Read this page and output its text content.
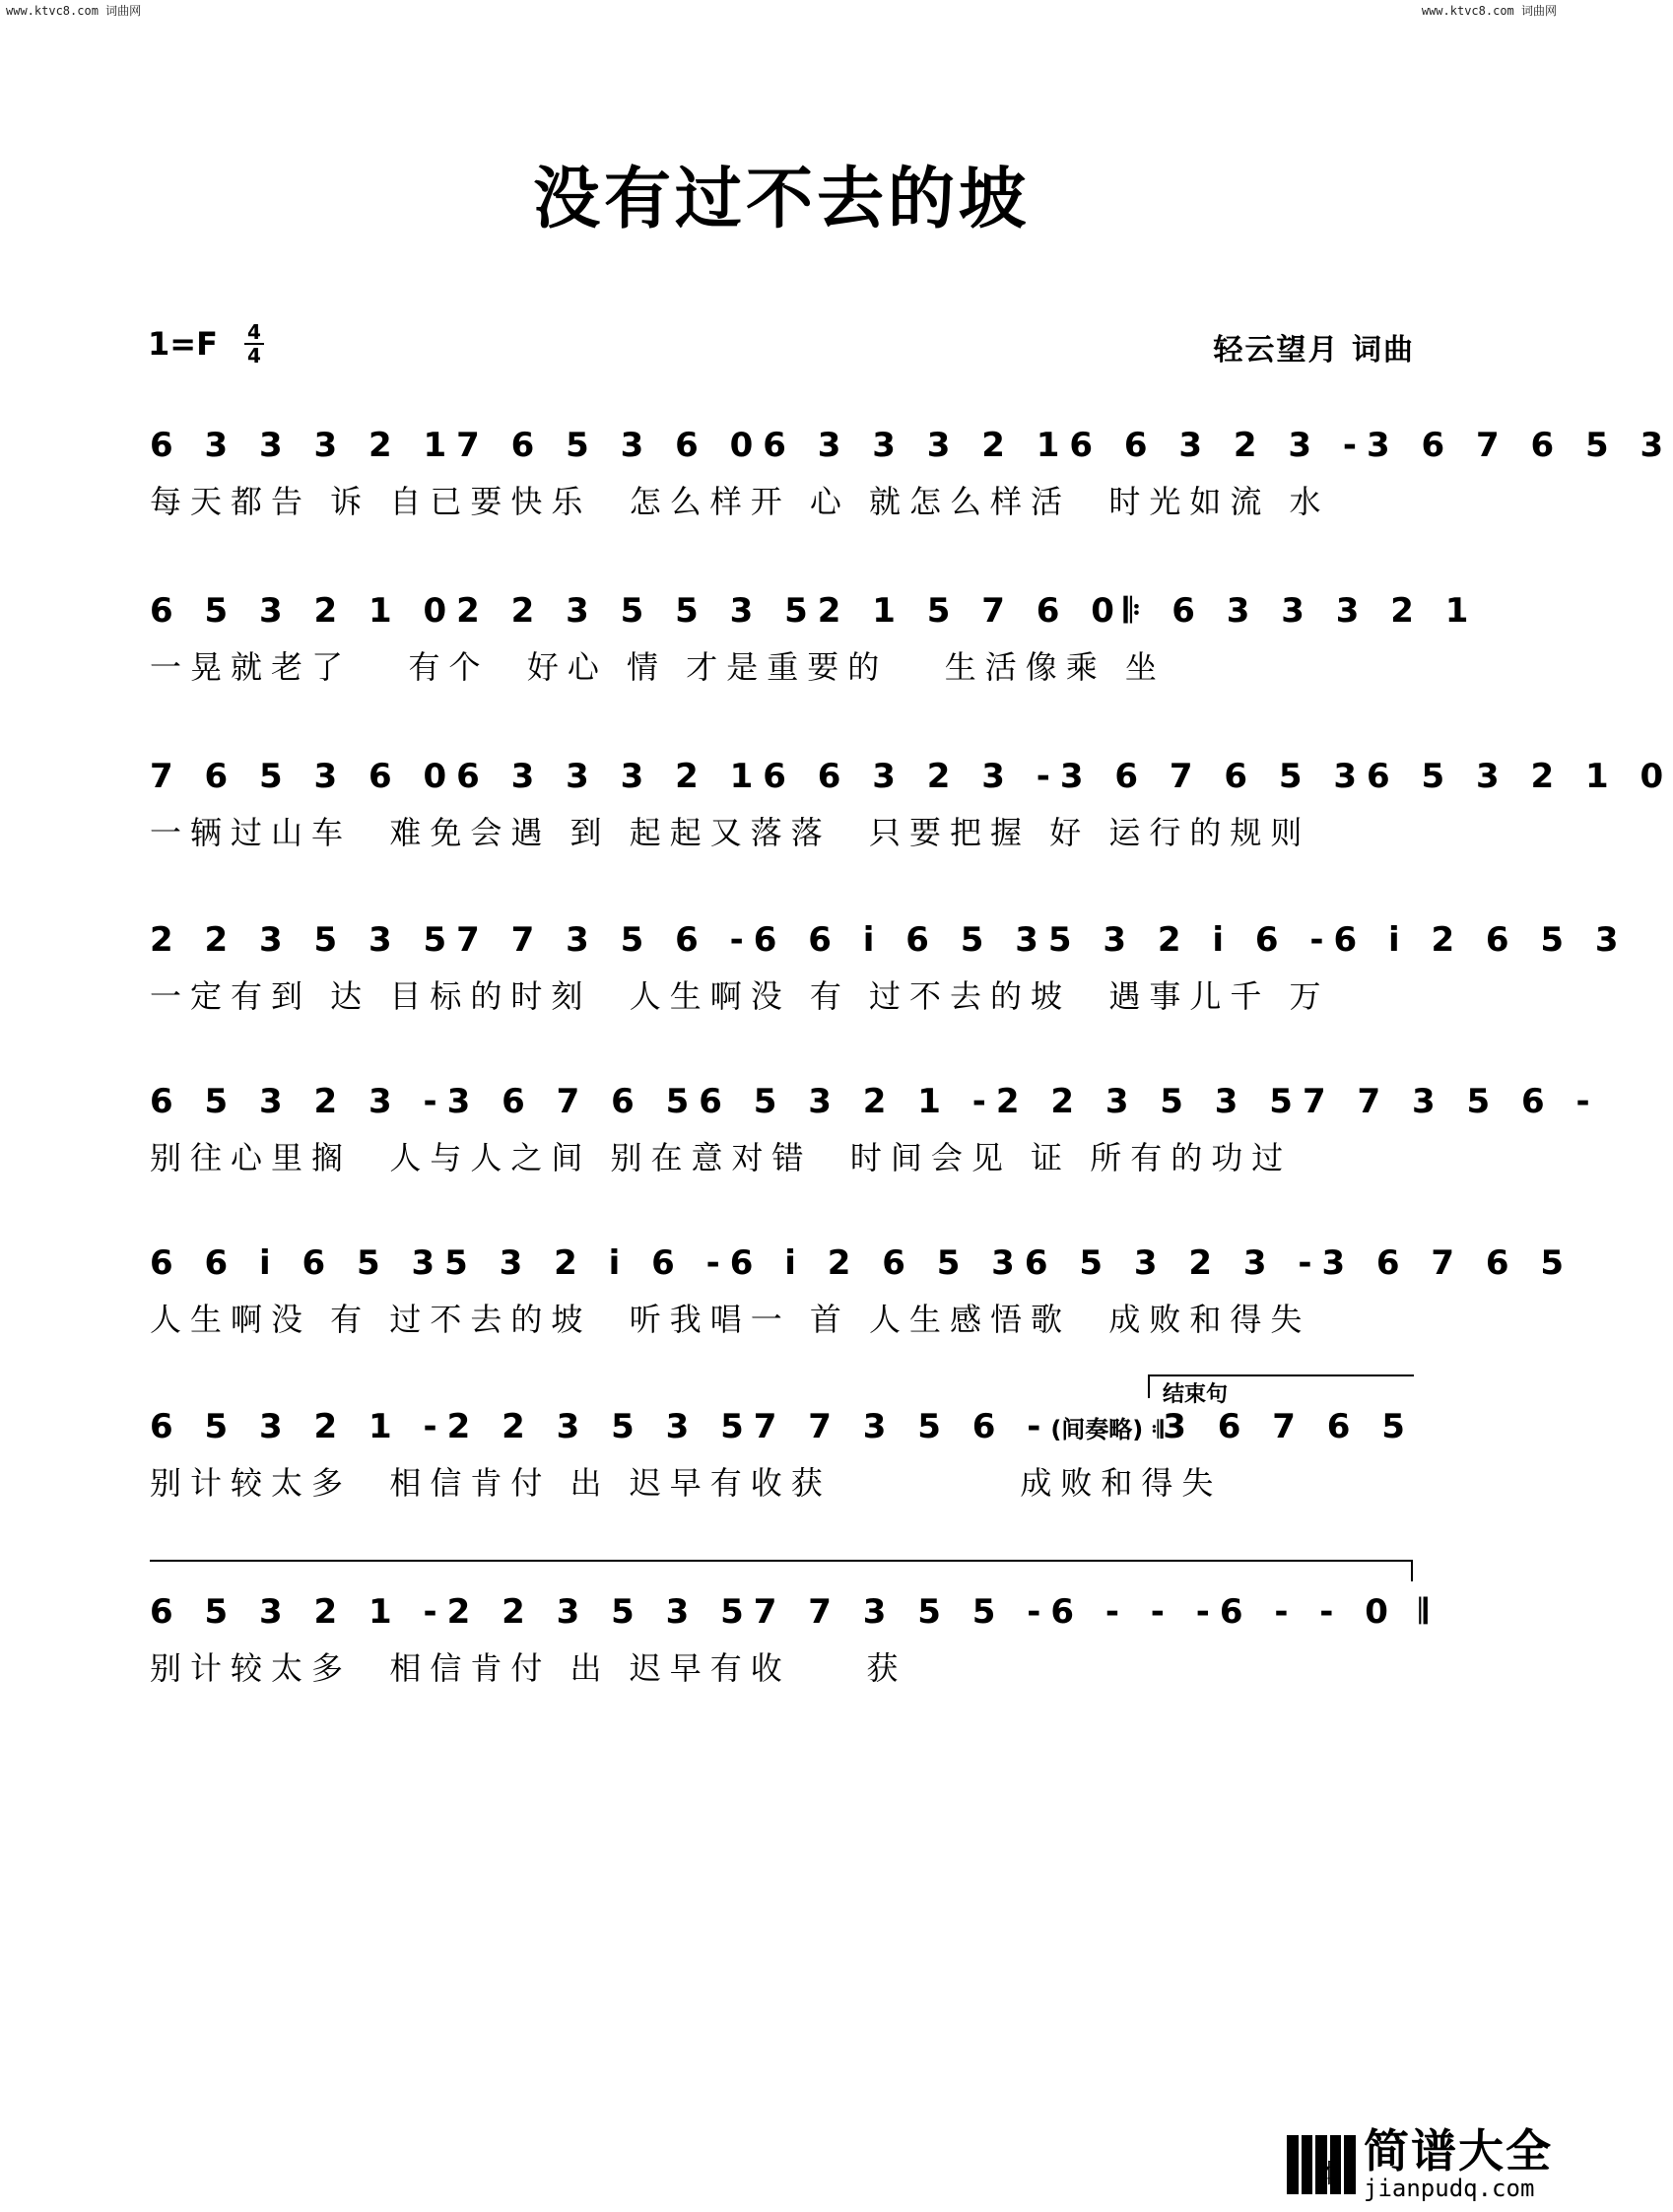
www.ktvc8.com 词曲网	www.ktvc8.com 词曲网
没有过不去的坡
1=F 4
4	轻云望月 词曲
6 3 3 3 2 1 7 6 5 3 6 0 6 3 3 3 2 1 6 6 3 2 3 - 3 6 7 6 5 3
每天都告 诉 自已要快乐  怎么样开 心 就怎么样活  时光如流 水
6 5 3 2 1 0 2 2 3 5 5 3 5 2 1 5 7 6 0 𝄆 6 3 3 3 2 1
一晃就老了   有个  好心 情 才是重要的   生活像乘 坐
7 6 5 3 6 0 6 3 3 3 2 1 6 6 3 2 3 - 3 6 7 6 5 3 6 5 3 2 1 0
一辆过山车  难免会遇 到 起起又落落  只要把握 好 运行的规则
2 2 3 5 3 5 7 7 3 5 6 - 6 6 i 6 5 3 5 3 2 i 6 - 6 i 2 6 5 3
一定有到 达 目标的时刻  人生啊没 有 过不去的坡  遇事儿千 万
6 5 3 2 3 - 3 6 7 6 5 6 5 3 2 1 - 2 2 3 5 3 5 7 7 3 5 6 -
别往心里搁  人与人之间 别在意对错  时间会见 证 所有的功过
6 6 i 6 5 3 5 3 2 i 6 - 6 i 2 6 5 3 6 5 3 2 3 - 3 6 7 6 5
人生啊没 有 过不去的坡  听我唱一 首 人生感悟歌  成败和得失
结束句
6 5 3 2 1 - 2 2 3 5 3 5 7 7 3 5 6 - (间奏略) 𝄇 3 6 7 6 5
别计较太多  相信肯付 出 迟早有收获          成败和得失
6 5 3 2 1 - 2 2 3 5 3 5 7 7 3 5 5 - 6 - - - 6 - - 0 𝄂
别计较太多  相信肯付 出 迟早有收    获
简谱大全
jianpudq.com
